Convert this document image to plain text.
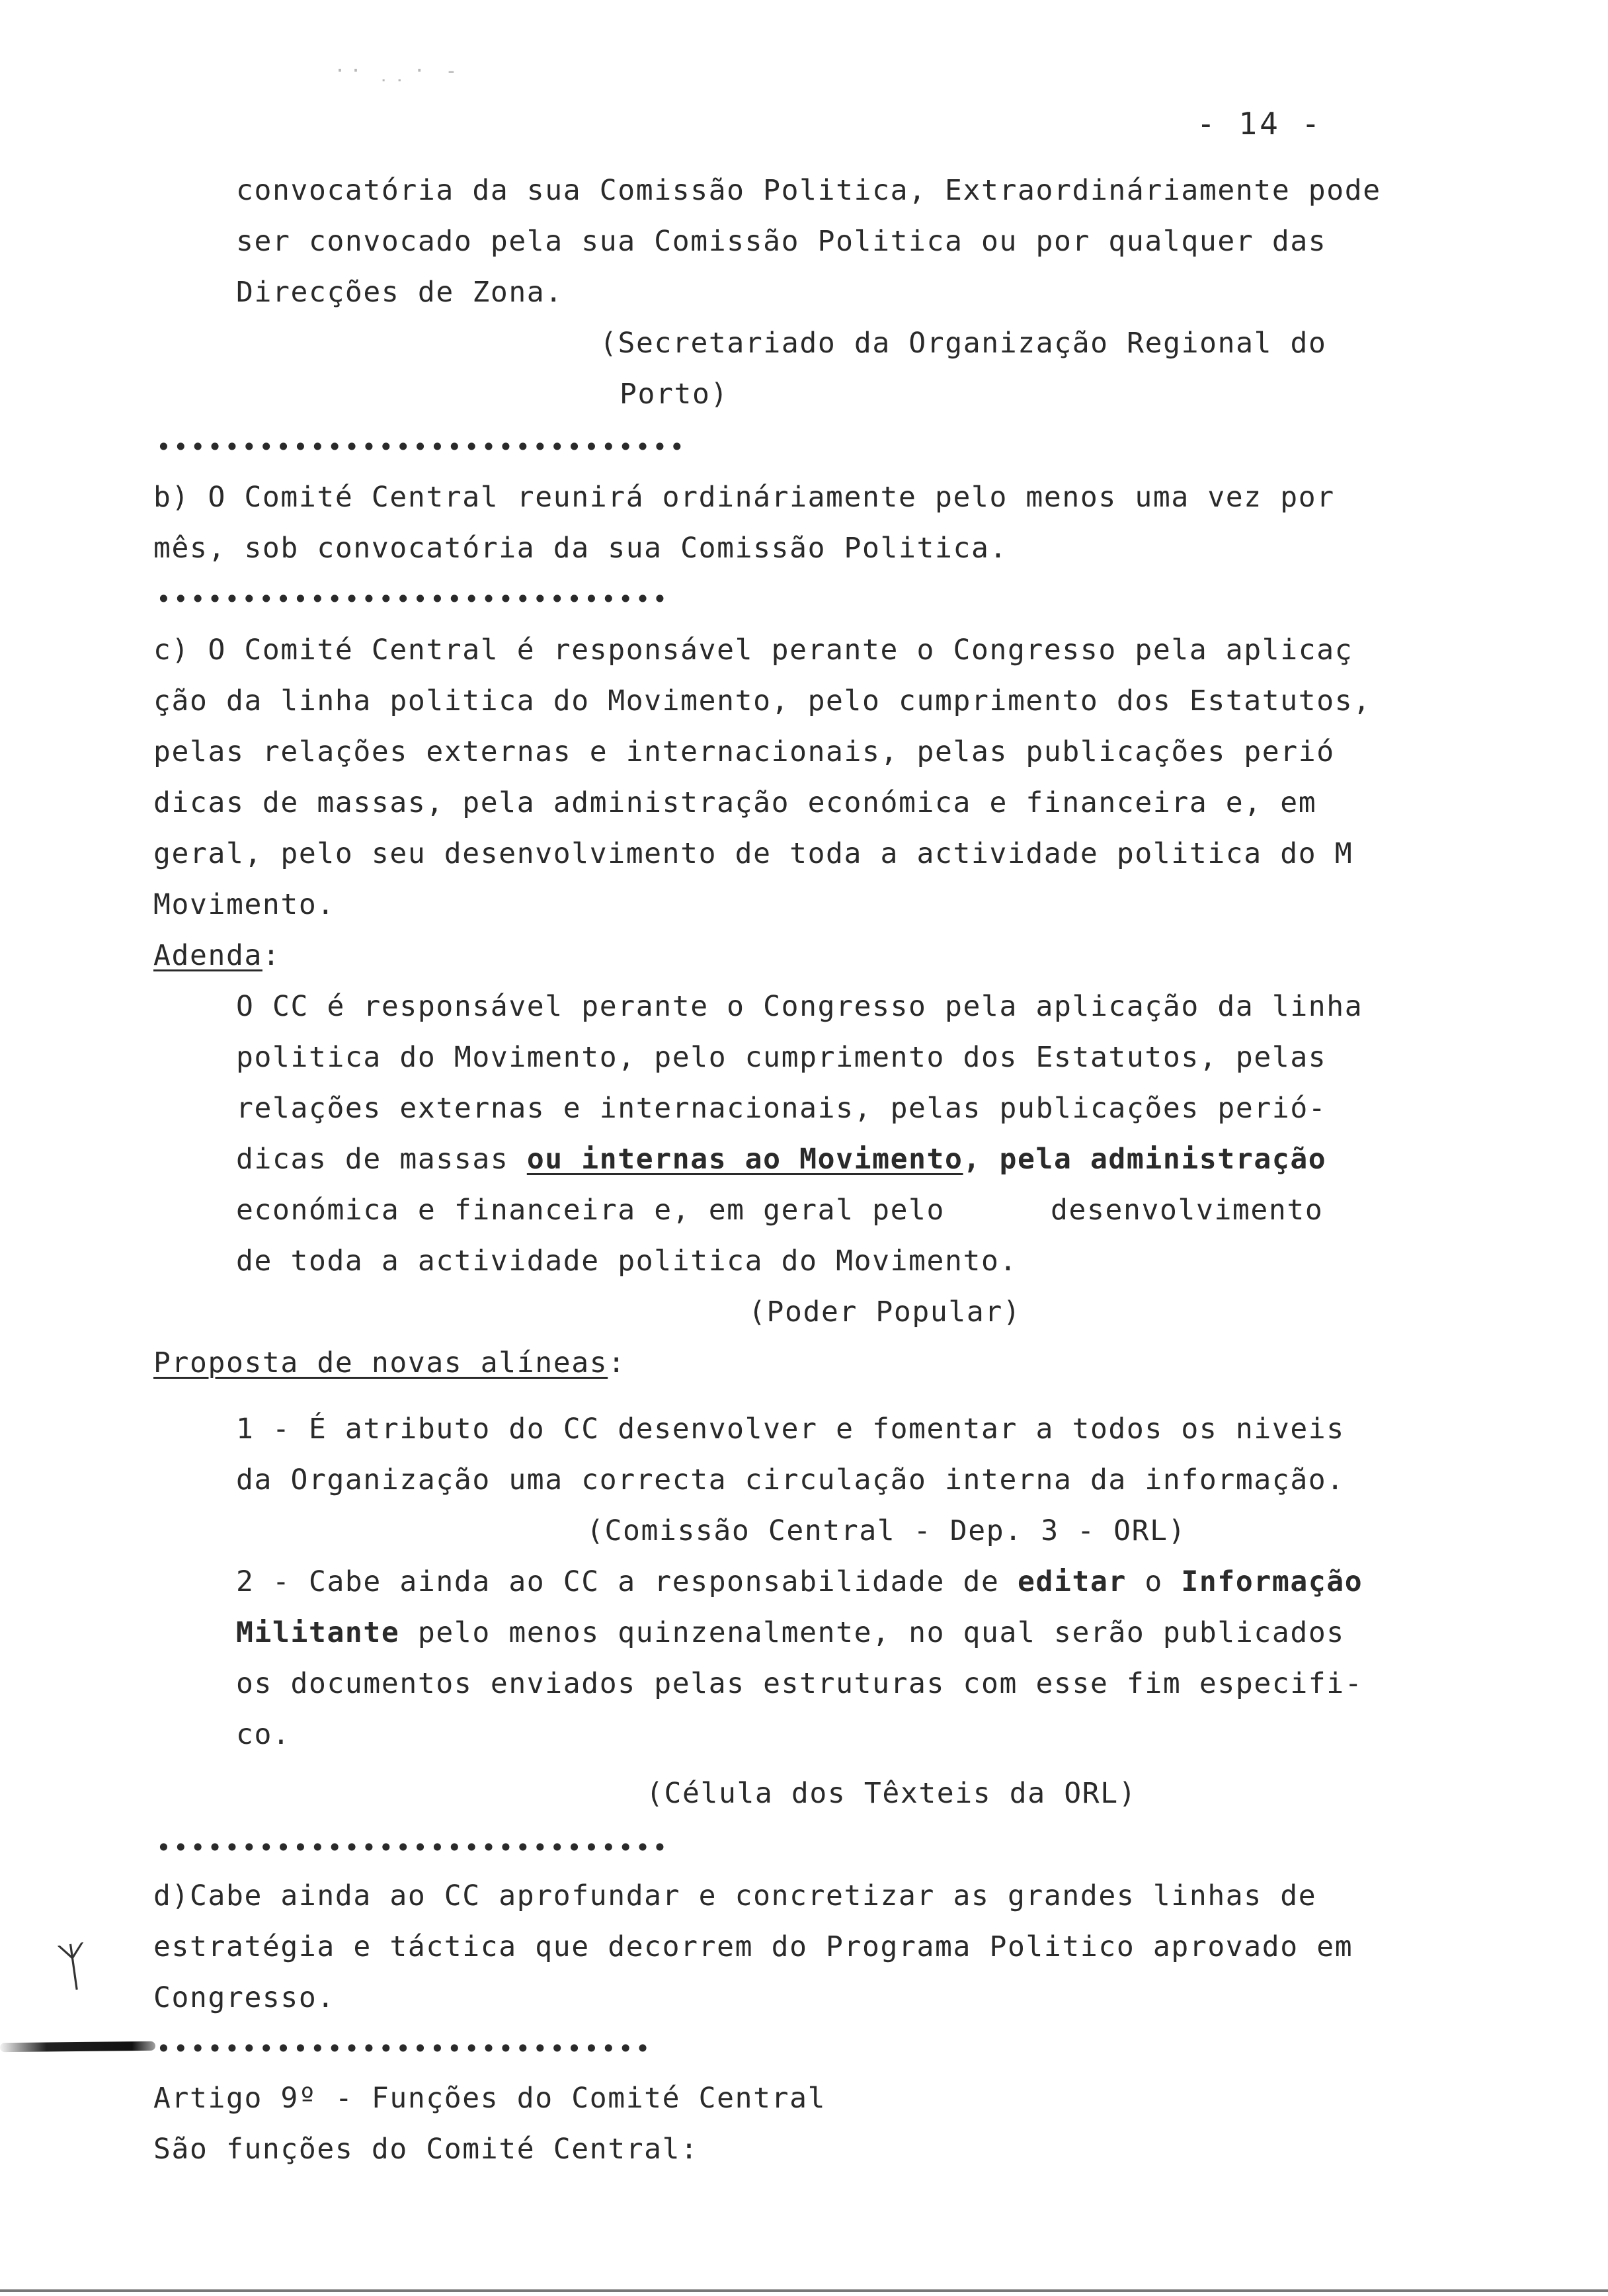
·· ̣ ̣̣ · -
- 14 -
convocatória da sua Comissão Politica, Extraordináriamente pode
ser convocado pela sua Comissão Politica ou por qualquer das
Direcções de Zona.
(Secretariado da Organização Regional do
Porto)
•••••••••••••••••••••••••••••••
b) O Comité Central reunirá ordináriamente pelo menos uma vez por
mês, sob convocatória da sua Comissão Politica.
••••••••••••••••••••••••••••••
c) O Comité Central é responsável perante o Congresso pela aplicaç
ção da linha politica do Movimento, pelo cumprimento dos Estatutos,
pelas relações externas e internacionais, pelas publicações perió
dicas de massas, pela administração económica e financeira e, em
geral, pelo seu desenvolvimento de toda a actividade politica do M
Movimento.
Adenda:
O CC é responsável perante o Congresso pela aplicação da linha
politica do Movimento, pelo cumprimento dos Estatutos, pelas
relações externas e internacionais, pelas publicações perió-
dicas de massas ou internas ao Movimento, pela administração
económica e financeira e, em geral pelo	desenvolvimento
de toda a actividade politica do Movimento.
(Poder Popular)
Proposta de novas alíneas:
1 - É atributo do CC desenvolver e fomentar a todos os niveis
da Organização uma correcta circulação interna da informação.
(Comissão Central - Dep. 3 - ORL)
2 - Cabe ainda ao CC a responsabilidade de editar o Informação
Militante pelo menos quinzenalmente, no qual serão publicados
os documentos enviados pelas estruturas com esse fim especifi-
co.
(Célula dos Têxteis da ORL)
••••••••••••••••••••••••••••••
d)Cabe ainda ao CC aprofundar e concretizar as grandes linhas de
estratégia e táctica que decorrem do Programa Politico aprovado em
Congresso.
ᛉ
•••••••••••••••••••••••••••••
Artigo 9º - Funções do Comité Central
São funções do Comité Central:
